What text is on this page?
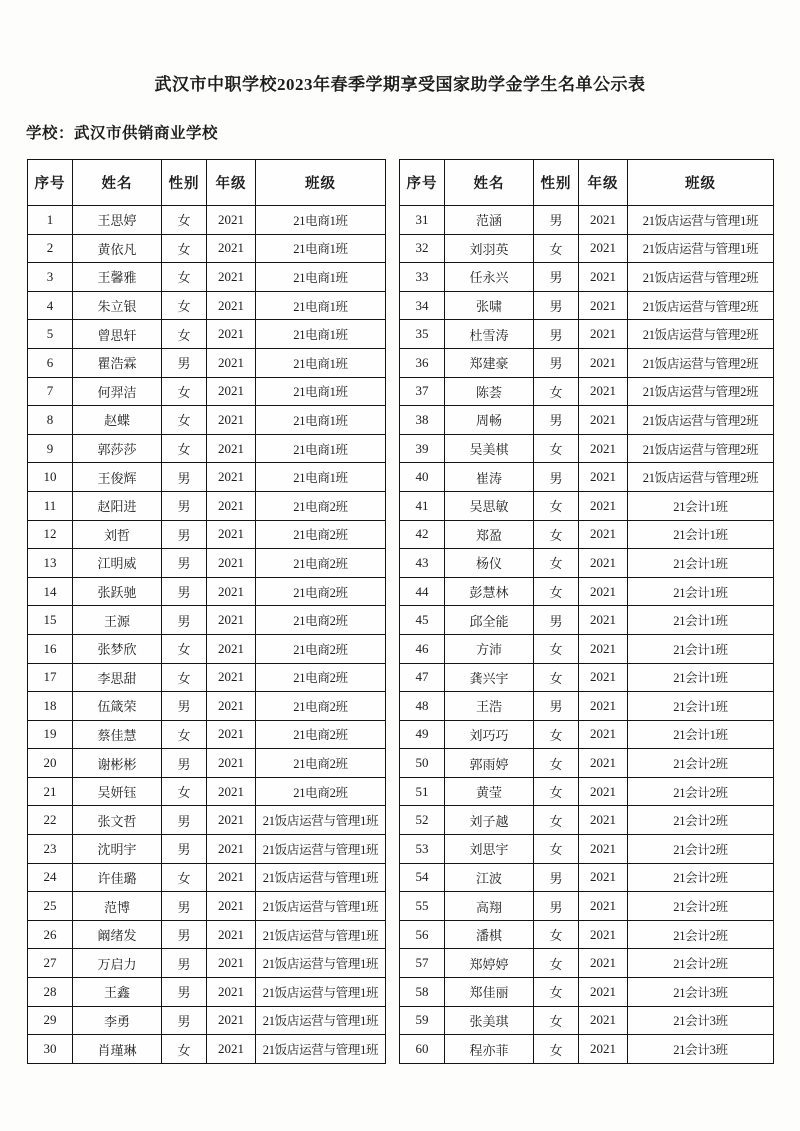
武汉市中职学校2023年春季学期享受国家助学金学生名单公示表
学校：武汉市供销商业学校
序号	姓名	性别	年级	班级
1	王思婷	女	2021	21电商1班
2	黄依凡	女	2021	21电商1班
3	王馨雅	女	2021	21电商1班
4	朱立银	女	2021	21电商1班
5	曾思轩	女	2021	21电商1班
6	瞿浩霖	男	2021	21电商1班
7	何羿洁	女	2021	21电商1班
8	赵蝶	女	2021	21电商1班
9	郭莎莎	女	2021	21电商1班
10	王俊辉	男	2021	21电商1班
11	赵阳进	男	2021	21电商2班
12	刘哲	男	2021	21电商2班
13	江明威	男	2021	21电商2班
14	张跃驰	男	2021	21电商2班
15	王源	男	2021	21电商2班
16	张梦欣	女	2021	21电商2班
17	李思甜	女	2021	21电商2班
18	伍箴荣	男	2021	21电商2班
19	蔡佳慧	女	2021	21电商2班
20	谢彬彬	男	2021	21电商2班
21	吴妍钰	女	2021	21电商2班
22	张文哲	男	2021	21饭店运营与管理1班
23	沈明宇	男	2021	21饭店运营与管理1班
24	许佳璐	女	2021	21饭店运营与管理1班
25	范博	男	2021	21饭店运营与管理1班
26	阚绪发	男	2021	21饭店运营与管理1班
27	万启力	男	2021	21饭店运营与管理1班
28	王鑫	男	2021	21饭店运营与管理1班
29	李勇	男	2021	21饭店运营与管理1班
30	肖瑾琳	女	2021	21饭店运营与管理1班
序号	姓名	性别	年级	班级
31	范涵	男	2021	21饭店运营与管理1班
32	刘羽英	女	2021	21饭店运营与管理1班
33	任永兴	男	2021	21饭店运营与管理2班
34	张啸	男	2021	21饭店运营与管理2班
35	杜雪涛	男	2021	21饭店运营与管理2班
36	郑建豪	男	2021	21饭店运营与管理2班
37	陈荟	女	2021	21饭店运营与管理2班
38	周畅	男	2021	21饭店运营与管理2班
39	吴美棋	女	2021	21饭店运营与管理2班
40	崔涛	男	2021	21饭店运营与管理2班
41	吴思敏	女	2021	21会计1班
42	郑盈	女	2021	21会计1班
43	杨仪	女	2021	21会计1班
44	彭慧林	女	2021	21会计1班
45	邱全能	男	2021	21会计1班
46	方沛	女	2021	21会计1班
47	龚兴宇	女	2021	21会计1班
48	王浩	男	2021	21会计1班
49	刘巧巧	女	2021	21会计1班
50	郭雨婷	女	2021	21会计2班
51	黄莹	女	2021	21会计2班
52	刘子越	女	2021	21会计2班
53	刘思宇	女	2021	21会计2班
54	江波	男	2021	21会计2班
55	高翔	男	2021	21会计2班
56	潘棋	女	2021	21会计2班
57	郑婷婷	女	2021	21会计2班
58	郑佳丽	女	2021	21会计3班
59	张美琪	女	2021	21会计3班
60	程亦菲	女	2021	21会计3班
